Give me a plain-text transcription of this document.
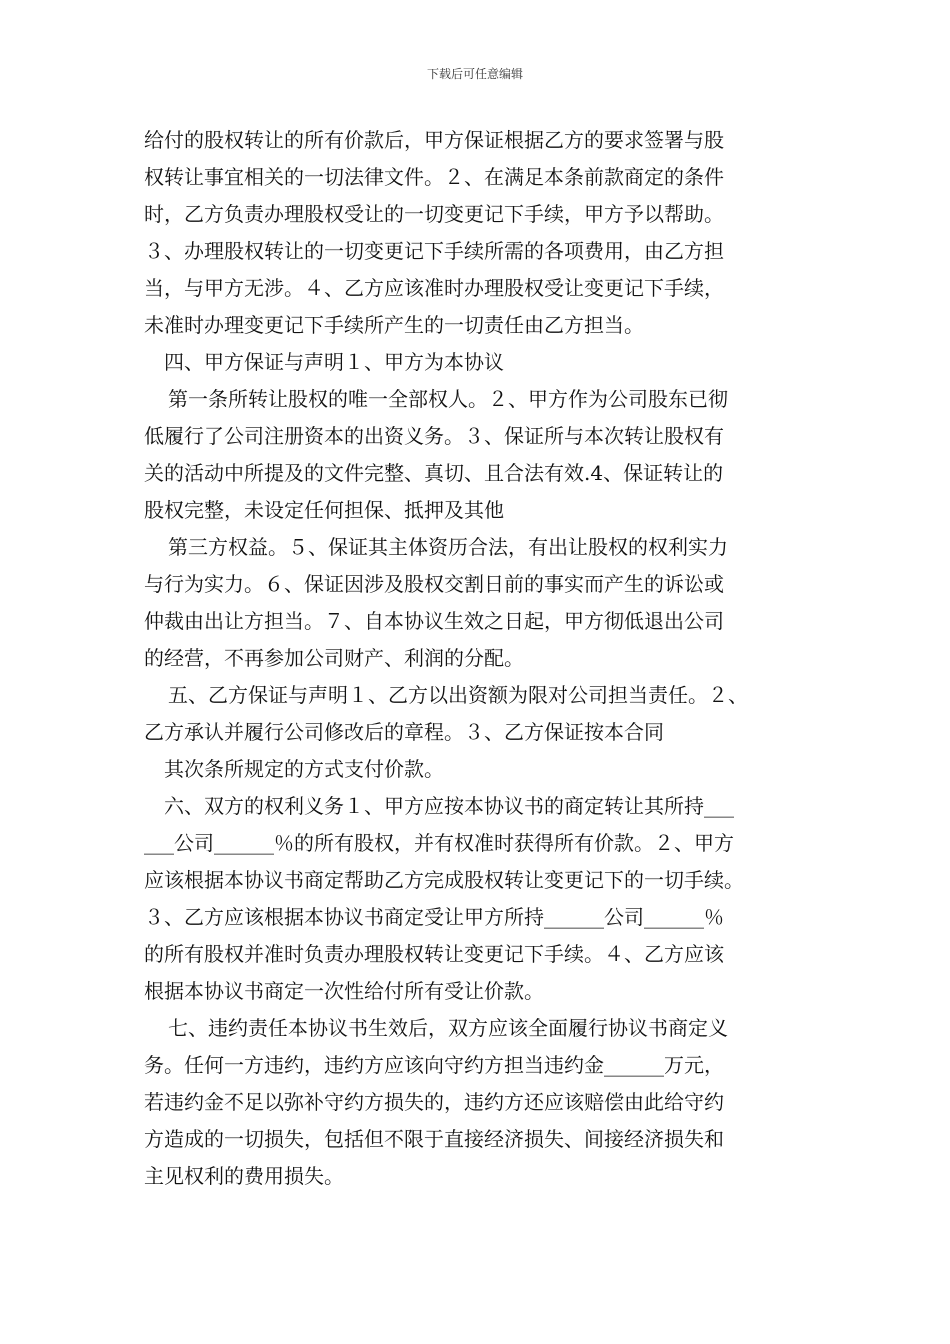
下载后可任意编辑
给付的股权转让的所有价款后，甲方保证根据乙方的要求签署与股
权转让事宜相关的一切法律文件。２、在满足本条前款商定的条件
时，乙方负责办理股权受让的一切变更记下手续，甲方予以帮助。
３、办理股权转让的一切变更记下手续所需的各项费用，由乙方担
当，与甲方无涉。４、乙方应该准时办理股权受让变更记下手续，
未准时办理变更记下手续所产生的一切责任由乙方担当。
四、甲方保证与声明１、甲方为本协议
第一条所转让股权的唯一全部权人。２、甲方作为公司股东已彻
低履行了公司注册资本的出资义务。３、保证所与本次转让股权有
关的活动中所提及的文件完整、真切、且合法有效.4、保证转让的
股权完整，未设定任何担保、抵押及其他
第三方权益。５、保证其主体资历合法，有出让股权的权利实力
与行为实力。６、保证因涉及股权交割日前的事实而产生的诉讼或
仲裁由出让方担当。７、自本协议生效之日起，甲方彻低退出公司
的经营，不再参加公司财产、利润的分配。
五、乙方保证与声明１、乙方以出资额为限对公司担当责任。２、
乙方承认并履行公司修改后的章程。３、乙方保证按本合同
其次条所规定的方式支付价款。
六、双方的权利义务１、甲方应按本协议书的商定转让其所持___
___公司______％的所有股权，并有权准时获得所有价款。２、甲方
应该根据本协议书商定帮助乙方完成股权转让变更记下的一切手续。
３、乙方应该根据本协议书商定受让甲方所持______公司______％
的所有股权并准时负责办理股权转让变更记下手续。４、乙方应该
根据本协议书商定一次性给付所有受让价款。
七、违约责任本协议书生效后，双方应该全面履行协议书商定义
务。任何一方违约，违约方应该向守约方担当违约金______万元，
若违约金不足以弥补守约方损失的，违约方还应该赔偿由此给守约
方造成的一切损失，包括但不限于直接经济损失、间接经济损失和
主见权利的费用损失。
